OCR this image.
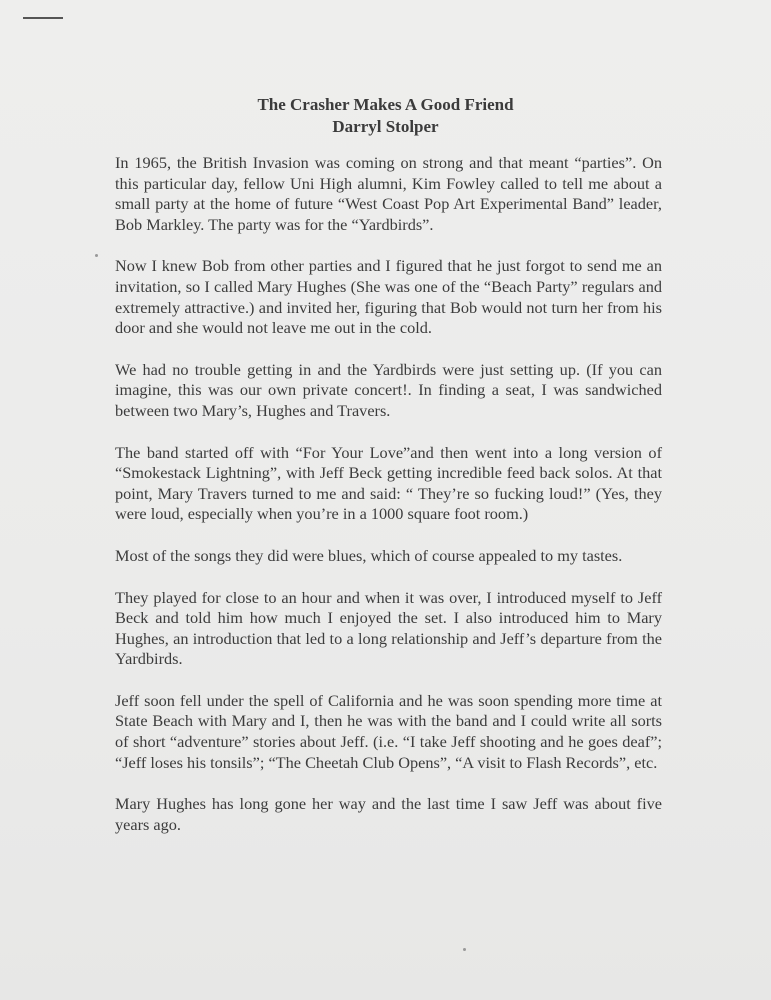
The Crasher Makes A Good Friend
Darryl Stolper

In 1965, the British Invasion was coming on strong and that meant “parties”. On this particular day, fellow Uni High alumni, Kim Fowley called to tell me about a small party at the home of future “West Coast Pop Art Experimental Band” leader, Bob Markley. The party was for the “Yardbirds”.

Now I knew Bob from other parties and I figured that he just forgot to send me an invitation, so I called Mary Hughes (She was one of the “Beach Party” regulars and extremely attractive.) and invited her, figuring that Bob would not turn her from his door and she would not leave me out in the cold.

We had no trouble getting in and the Yardbirds were just setting up. (If you can imagine, this was our own private concert!. In finding a seat, I was sandwiched between two Mary’s, Hughes and Travers.

The band started off with “For Your Love”and then went into a long version of “Smokestack Lightning”, with Jeff Beck getting incredible feed back solos. At that point, Mary Travers turned to me and said: “ They’re so fucking loud!” (Yes, they were loud, especially when you’re in a 1000 square foot room.)

Most of the songs they did were blues, which of course appealed to my tastes.

They played for close to an hour and when it was over, I introduced myself to Jeff Beck and told him how much I enjoyed the set. I also introduced him to Mary Hughes, an introduction that led to a long relationship and Jeff’s departure from the Yardbirds.

Jeff soon fell under the spell of California and he was soon spending more time at State Beach with Mary and I, then he was with the band and I could write all sorts of short “adventure” stories about Jeff. (i.e. “I take Jeff shooting and he goes deaf”; “Jeff loses his tonsils”; “The Cheetah Club Opens”, “A visit to Flash Records”, etc.

Mary Hughes has long gone her way and the last time I saw Jeff was about five years ago.
